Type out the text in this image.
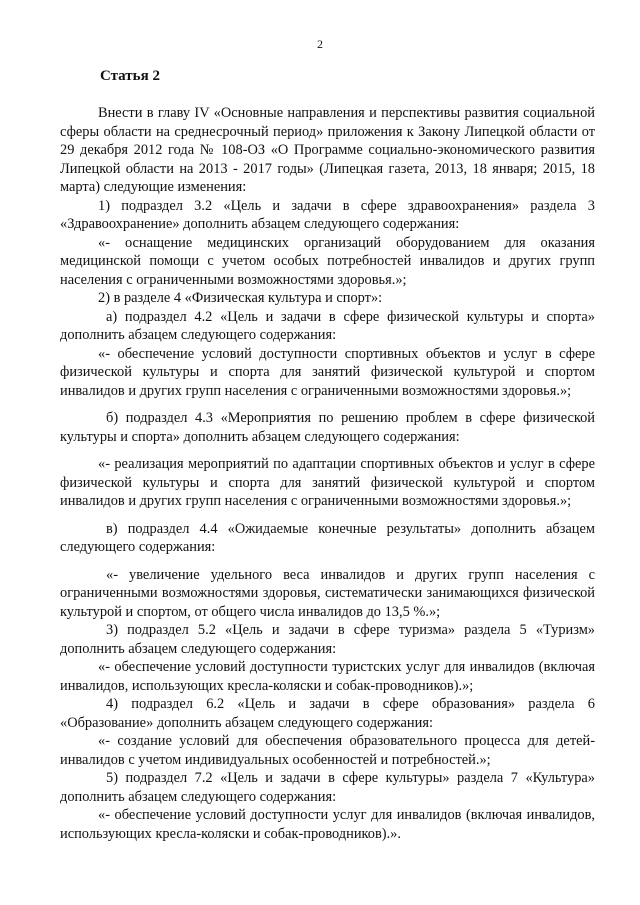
2
Статья 2

Внести в главу IV «Основные направления и перспективы развития социальной сферы области на среднесрочный период» приложения к Закону Липецкой области от 29 декабря 2012 года № 108-ОЗ «О Программе социально-экономического развития Липецкой области на 2013 - 2017 годы» (Липецкая газета, 2013, 18 января; 2015, 18 марта) следующие изменения:

1) подраздел 3.2 «Цель и задачи в сфере здравоохранения» раздела 3 «Здравоохранение» дополнить абзацем следующего содержания:

«- оснащение медицинских организаций оборудованием для оказания медицинской помощи с учетом особых потребностей инвалидов и других групп населения с ограниченными возможностями здоровья.»;

2) в разделе 4 «Физическая культура и спорт»:

а) подраздел 4.2 «Цель и задачи в сфере физической культуры и спорта» дополнить абзацем следующего содержания:

«- обеспечение условий доступности спортивных объектов и услуг в сфере физической культуры и спорта для занятий физической культурой и спортом инвалидов и других групп населения с ограниченными возможностями здоровья.»;

б) подраздел 4.3 «Мероприятия по решению проблем в сфере физической культуры и спорта» дополнить абзацем следующего содержания:

«- реализация мероприятий по адаптации спортивных объектов и услуг в сфере физической культуры и спорта для занятий физической культурой и спортом инвалидов и других групп населения с ограниченными возможностями здоровья.»;

в) подраздел 4.4 «Ожидаемые конечные результаты» дополнить абзацем следующего содержания:

«- увеличение удельного веса инвалидов и других групп населения с ограниченными возможностями здоровья, систематически занимающихся физической культурой и спортом, от общего числа инвалидов до 13,5 %.»;

3) подраздел 5.2 «Цель и задачи в сфере туризма» раздела 5 «Туризм» дополнить абзацем следующего содержания:

«- обеспечение условий доступности туристских услуг для инвалидов (включая инвалидов, использующих кресла-коляски и собак-проводников).»;

4) подраздел 6.2 «Цель и задачи в сфере образования» раздела 6 «Образование» дополнить абзацем следующего содержания:

«- создание условий для обеспечения образовательного процесса для детей-инвалидов с учетом индивидуальных особенностей и потребностей.»;

5) подраздел 7.2 «Цель и задачи в сфере культуры» раздела 7 «Культура» дополнить абзацем следующего содержания:

«- обеспечение условий доступности услуг для инвалидов (включая инвалидов, использующих кресла-коляски и собак-проводников).».
